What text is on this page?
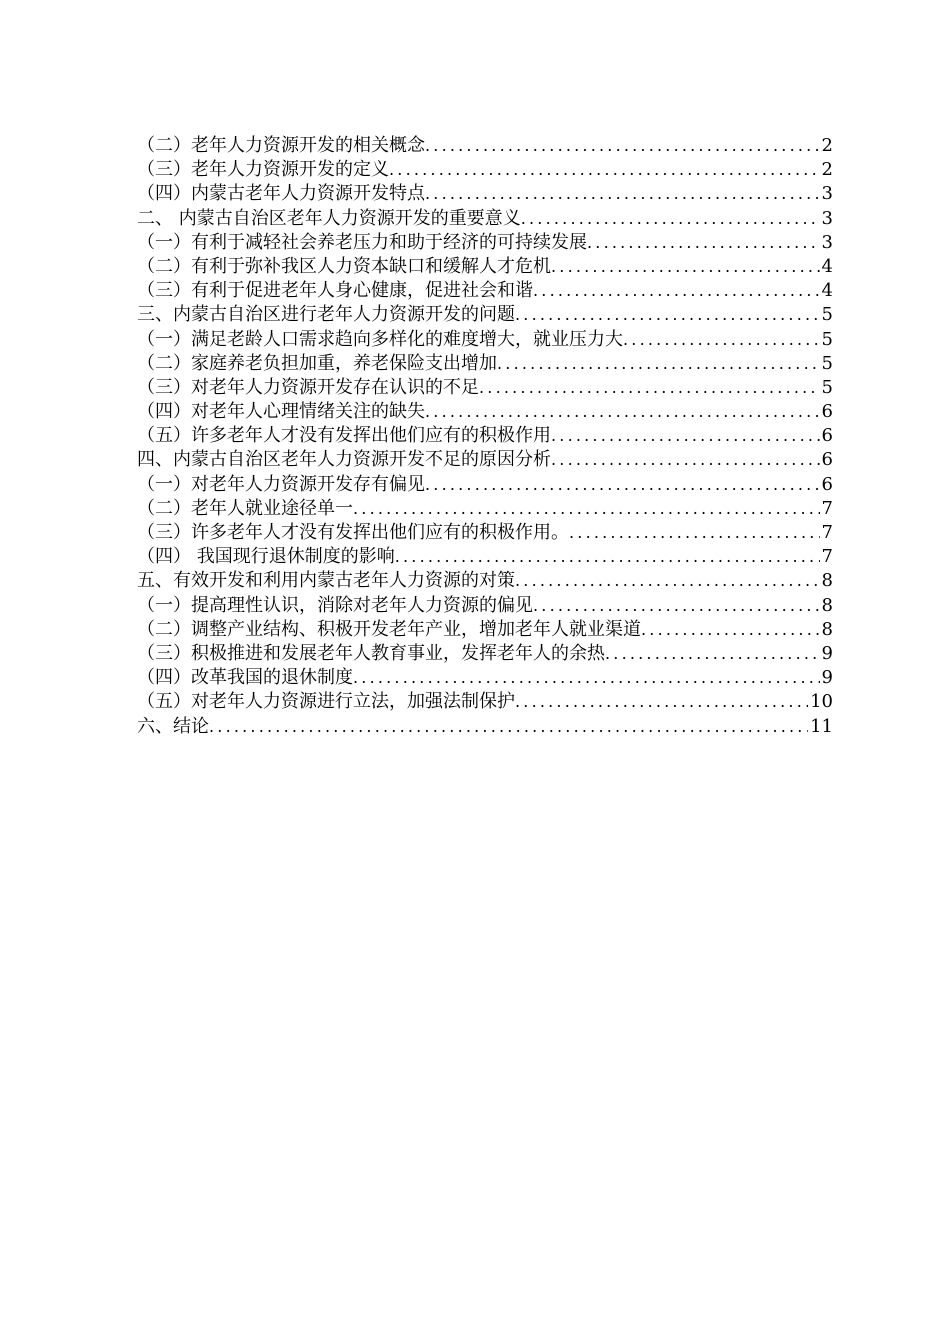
（二）老年人力资源开发的相关概念 .....	2
（三）老年人力资源开发的定义 .....	2
（四）内蒙古老年人力资源开发特点 .....	3
二、 内蒙古自治区老年人力资源开发的重要意义 .....	3
（一）有利于减轻社会养老压力和助于经济的可持续发展 .....	3
（二）有利于弥补我区人力资本缺口和缓解人才危机 .....	4
（三）有利于促进老年人身心健康，促进社会和谐 .....	4
三、内蒙古自治区进行老年人力资源开发的问题 .....	5
（一）满足老龄人口需求趋向多样化的难度增大，就业压力大 .....	5
（二）家庭养老负担加重，养老保险支出增加 .....	5
（三）对老年人力资源开发存在认识的不足 .....	5
（四）对老年人心理情绪关注的缺失 .....	6
（五）许多老年人才没有发挥出他们应有的积极作用 .....	6
四、内蒙古自治区老年人力资源开发不足的原因分析 .....	6
（一）对老年人力资源开发存有偏见 .....	6
（二）老年人就业途径单一 .....	7
（三）许多老年人才没有发挥出他们应有的积极作用。 .....	7
（四） 我国现行退休制度的影响 .....	7
五、有效开发和利用内蒙古老年人力资源的对策 .....	8
（一）提高理性认识，消除对老年人力资源的偏见 .....	8
（二）调整产业结构、积极开发老年产业，增加老年人就业渠道 .....	8
（三）积极推进和发展老年人教育事业，发挥老年人的余热 .....	9
（四）改革我国的退休制度 .....	9
（五）对老年人力资源进行立法，加强法制保护 .....	10
六、结论 .....	11
